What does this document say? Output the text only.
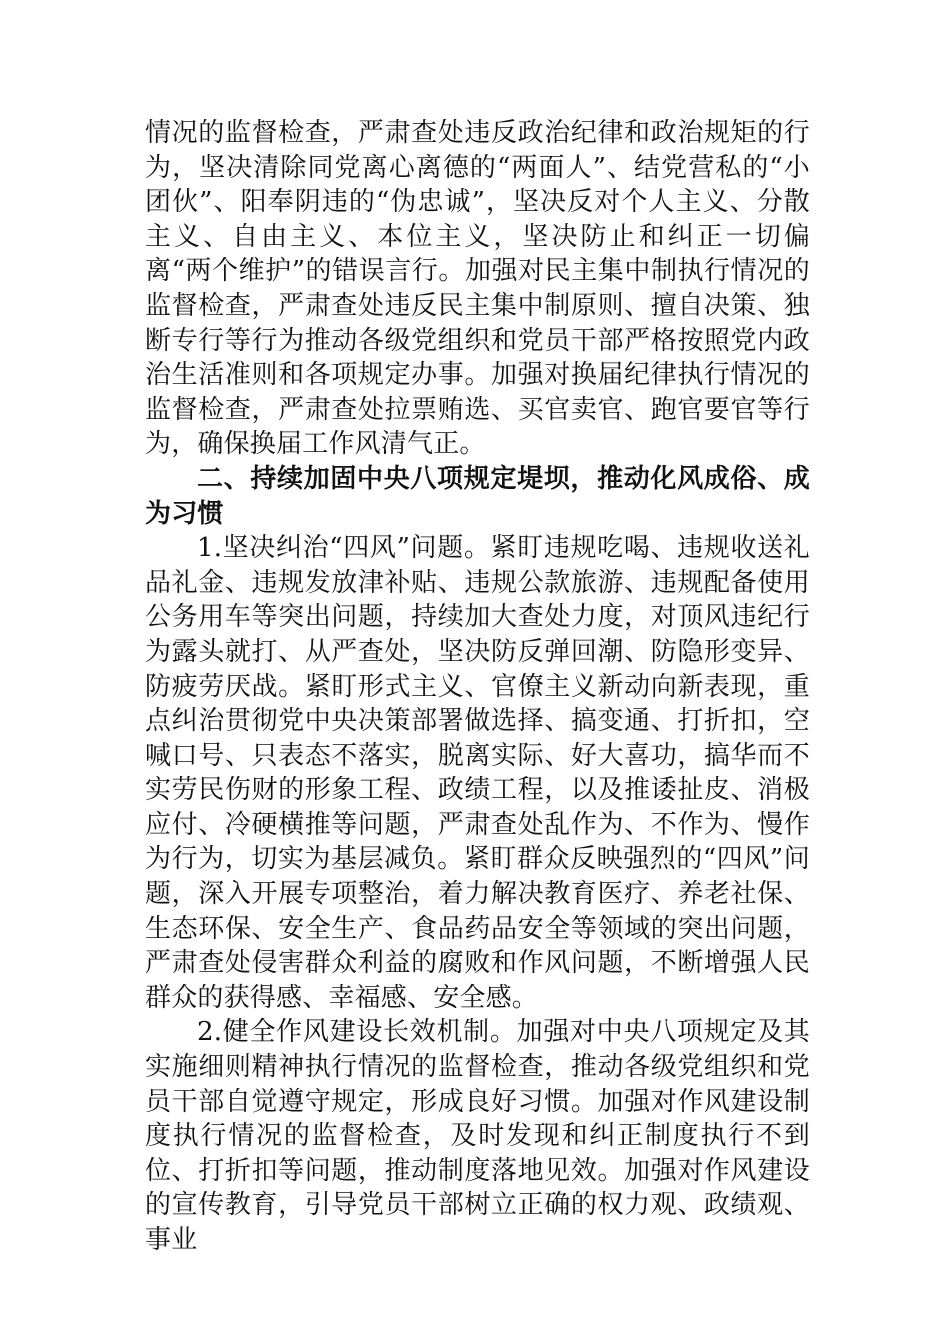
情况的监督检查，严肃查处违反政治纪律和政治规矩的行为，坚决清除同党离心离德的“两面人”、结党营私的“小团伙”、阳奉阴违的“伪忠诚”，坚决反对个人主义、分散主义、自由主义、本位主义，坚决防止和纠正一切偏离“两个维护”的错误言行。加强对民主集中制执行情况的监督检查，严肃查处违反民主集中制原则、擅自决策、独断专行等行为推动各级党组织和党员干部严格按照党内政治生活准则和各项规定办事。加强对换届纪律执行情况的监督检查，严肃查处拉票贿选、买官卖官、跑官要官等行为，确保换届工作风清气正。

二、持续加固中央八项规定堤坝，推动化风成俗、成为习惯

1.坚决纠治“四风”问题。紧盯违规吃喝、违规收送礼品礼金、违规发放津补贴、违规公款旅游、违规配备使用公务用车等突出问题，持续加大查处力度，对顶风违纪行为露头就打、从严查处，坚决防反弹回潮、防隐形变异、防疲劳厌战。紧盯形式主义、官僚主义新动向新表现，重点纠治贯彻党中央决策部署做选择、搞变通、打折扣，空喊口号、只表态不落实，脱离实际、好大喜功，搞华而不实劳民伤财的形象工程、政绩工程，以及推诿扯皮、消极应付、冷硬横推等问题，严肃查处乱作为、不作为、慢作为行为，切实为基层减负。紧盯群众反映强烈的“四风”问题，深入开展专项整治，着力解决教育医疗、养老社保、生态环保、安全生产、食品药品安全等领域的突出问题，严肃查处侵害群众利益的腐败和作风问题，不断增强人民群众的获得感、幸福感、安全感。

2.健全作风建设长效机制。加强对中央八项规定及其实施细则精神执行情况的监督检查，推动各级党组织和党员干部自觉遵守规定，形成良好习惯。加强对作风建设制度执行情况的监督检查，及时发现和纠正制度执行不到位、打折扣等问题，推动制度落地见效。加强对作风建设的宣传教育，引导党员干部树立正确的权力观、政绩观、事业
